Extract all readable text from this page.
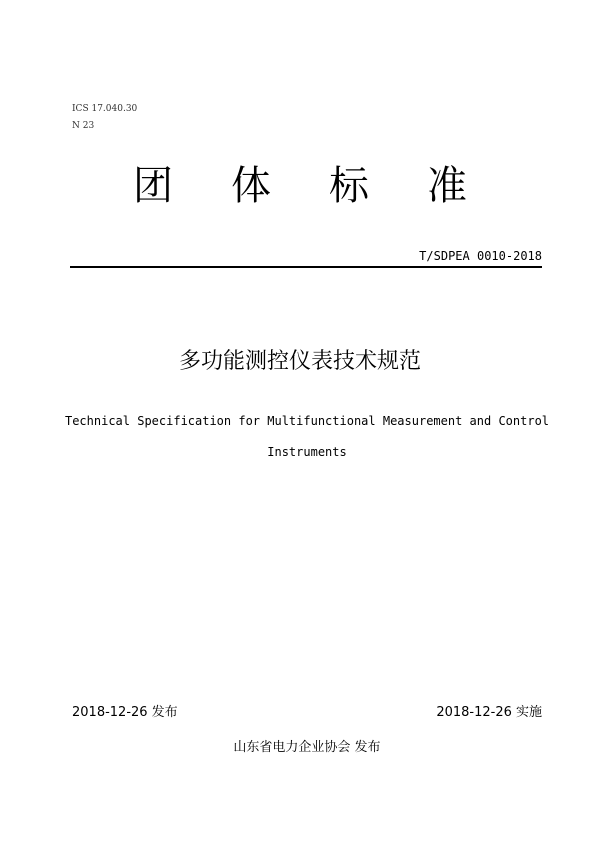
ICS 17.040.30
N 23
团体标准
T/SDPEA 0010-2018
多功能测控仪表技术规范
Technical Specification for Multifunctional Measurement and Control
Instruments
2018-12-26 发布	2018-12-26 实施
山东省电力企业协会 发布
